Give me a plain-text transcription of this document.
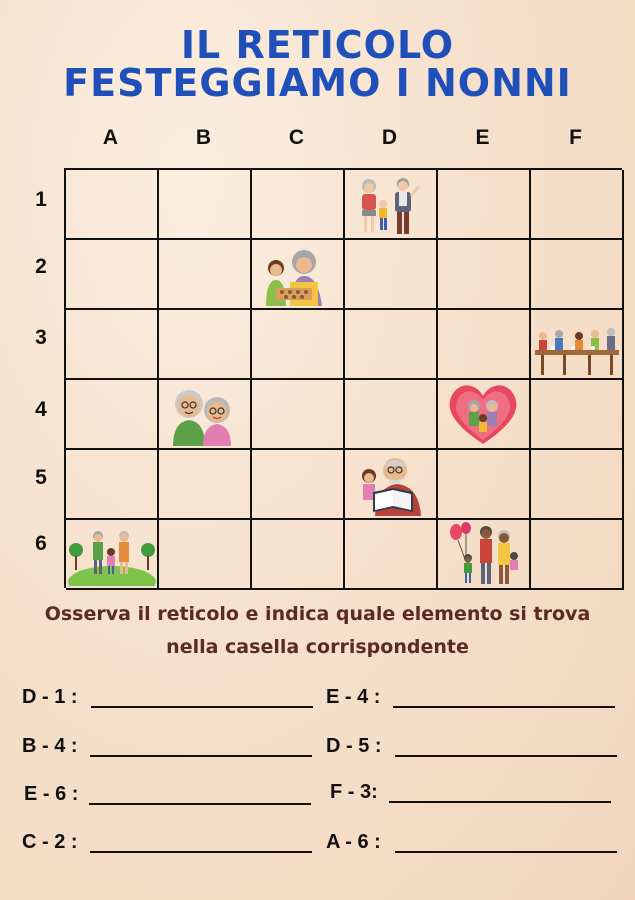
IL RETICOLO
FESTEGGIAMO I NONNI
A	B	C	D	E	F
1
2
3
4
5
6
Osserva il reticolo e indica quale elemento si trova nella casella corrispondente
D - 1 :	E - 4 :
B - 4 :	D - 5 :
E - 6 :	F - 3:
C - 2 :	A - 6 :
